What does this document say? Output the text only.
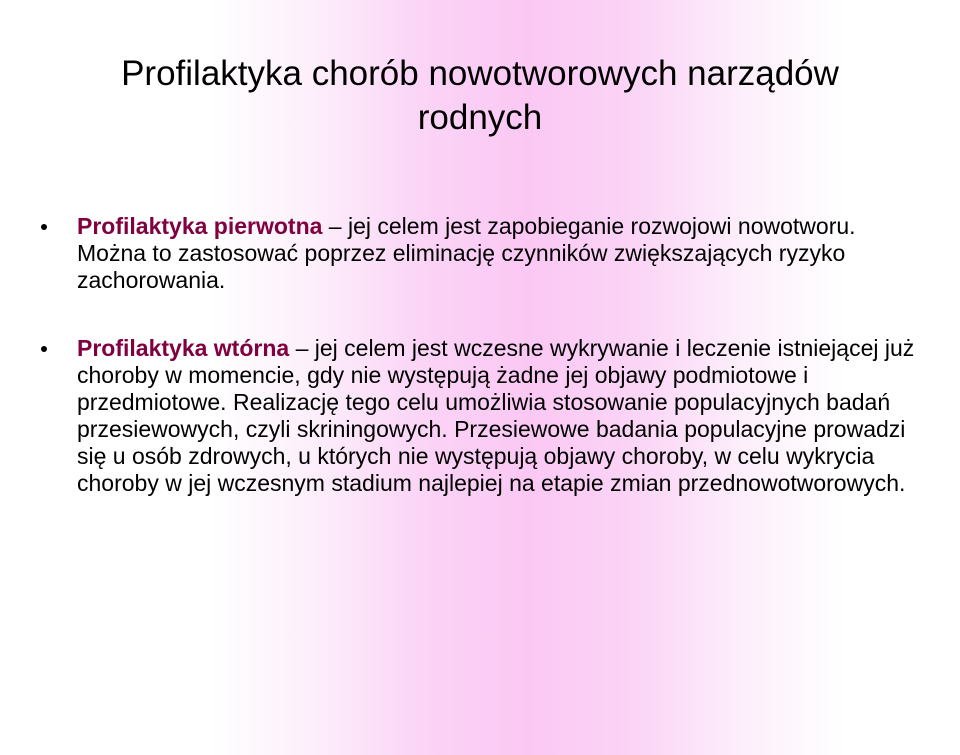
Profilaktyka chorób nowotworowych narządów rodnych
Profilaktyka pierwotna – jej celem jest zapobieganie rozwojowi nowotworu. Można to zastosować poprzez eliminację czynników zwiększających ryzyko zachorowania.
Profilaktyka wtórna – jej celem jest wczesne wykrywanie i leczenie istniejącej już choroby w momencie, gdy nie występują żadne jej objawy podmiotowe i przedmiotowe. Realizację tego celu umożliwia stosowanie populacyjnych badań przesiewowych, czyli skriningowych. Przesiewowe badania populacyjne prowadzi się u osób zdrowych, u których nie występują objawy choroby, w celu wykrycia choroby w jej wczesnym stadium najlepiej na etapie zmian przednowotworowych.
